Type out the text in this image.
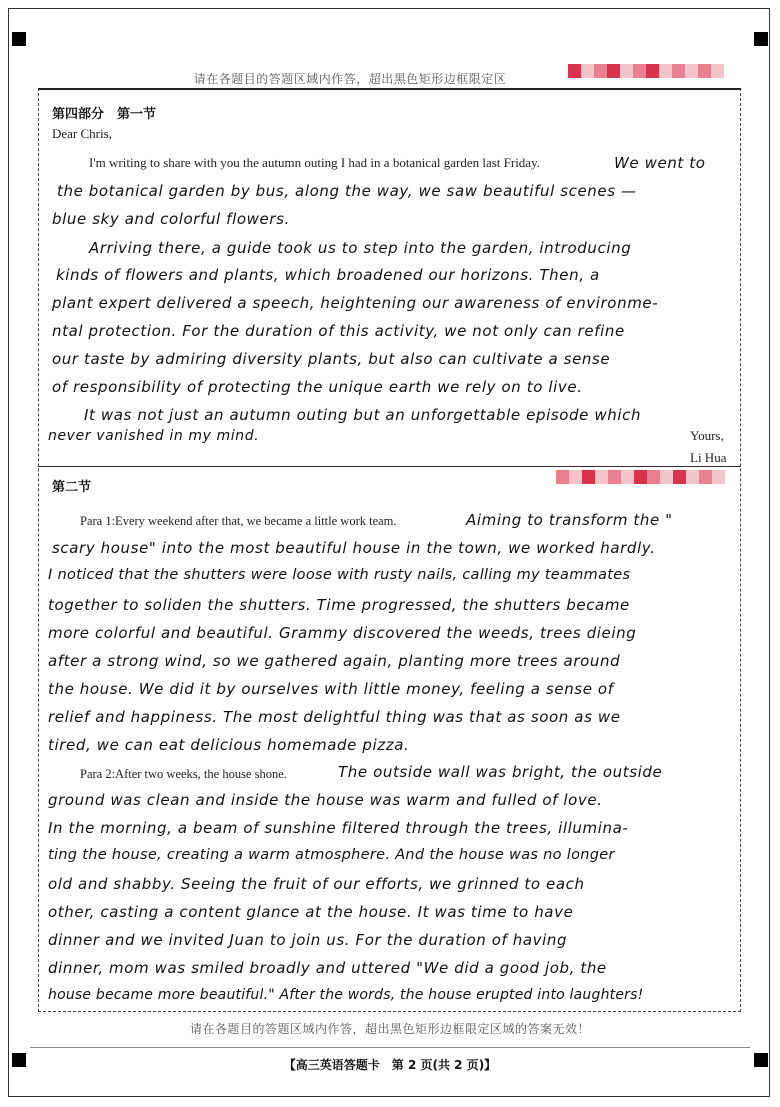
请在各题目的答题区域内作答，超出黑色矩形边框限定区
第四部分　第一节
Dear Chris,
I'm writing to share with you the autumn outing I had in a botanical garden last Friday.	We went to
the botanical garden by bus, along the way, we saw beautiful scenes —
blue sky and colorful flowers.
Arriving there, a guide took us to step into the garden, introducing
kinds of flowers and plants, which broadened our horizons. Then, a
plant expert delivered a speech, heightening our awareness of environme-
ntal protection. For the duration of this activity, we not only can refine
our taste by admiring diversity plants, but also can cultivate a sense
of responsibility of protecting the unique earth we rely on to live.
It was not just an autumn outing but an unforgettable episode which
never vanished in my mind.	Yours,
Li Hua
第二节
Para 1:Every weekend after that, we became a little work team.	Aiming to transform the "
scary house" into the most beautiful house in the town, we worked hardly.
I noticed that the shutters were loose with rusty nails, calling my teammates
together to soliden the shutters. Time progressed, the shutters became
more colorful and beautiful. Grammy discovered the weeds, trees dieing
after a strong wind, so we gathered again, planting more trees around
the house. We did it by ourselves with little money, feeling a sense of
relief and happiness. The most delightful thing was that as soon as we
tired, we can eat delicious homemade pizza.
Para 2:After two weeks, the house shone.	The outside wall was bright, the outside
ground was clean and inside the house was warm and fulled of love.
In the morning, a beam of sunshine filtered through the trees, illumina-
ting the house, creating a warm atmosphere. And the house was no longer
old and shabby. Seeing the fruit of our efforts, we grinned to each
other, casting a content glance at the house. It was time to have
dinner and we invited Juan to join us. For the duration of having
dinner, mom was smiled broadly and uttered "We did a good job, the
house became more beautiful." After the words, the house erupted into laughters!
请在各题目的答题区域内作答，超出黑色矩形边框限定区域的答案无效！
【高三英语答题卡　第 2 页(共 2 页)】
